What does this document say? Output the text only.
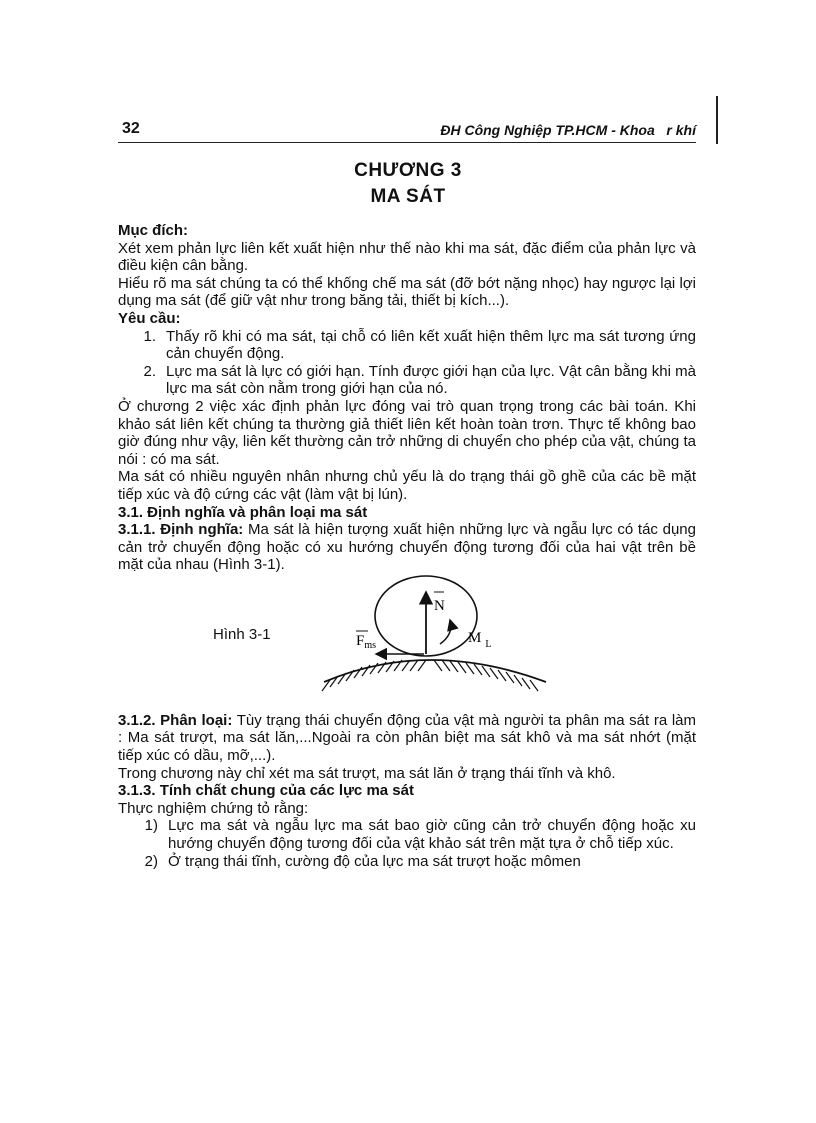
32	ĐH Công Nghiệp TP.HCM - Khoa   r khí
CHƯƠNG 3
MA SÁT

Mục đích:

Xét xem phản lực liên kết xuất hiện như thế nào khi ma sát, đặc điểm của phản lực và điều kiện cân bằng.

Hiểu rõ ma sát chúng ta có thể khống chế ma sát (đỡ bớt nặng nhọc) hay ngược lại lợi dụng ma sát (để giữ vật như trong băng tải, thiết bị kích...).

Yêu cầu:

1. Thấy rõ khi có ma sát, tại chỗ có liên kết xuất hiện thêm lực ma sát tương ứng cản chuyển động.
2. Lực ma sát là lực có giới hạn. Tính được giới hạn của lực. Vật cân bằng khi mà lực ma sát còn nằm trong giới hạn của nó.

Ở chương 2 việc xác định phản lực đóng vai trò quan trọng trong các bài toán. Khi khảo sát liên kết chúng ta thường giả thiết liên kết hoàn toàn trơn. Thực tế không bao giờ đúng như vậy, liên kết thường cản trở những di chuyển cho phép của vật, chúng ta nói : có ma sát.

Ma sát có nhiều nguyên nhân nhưng chủ yếu là do trạng thái gồ ghề của các bề mặt tiếp xúc và độ cứng các vật (làm vật bị lún).

3.1. Định nghĩa và phân loại ma sát

3.1.1. Định nghĩa: Ma sát là hiện tượng xuất hiện những lực và ngẫu lực có tác dụng cản trở chuyển động hoặc có xu hướng chuyển động tương đối của hai vật trên bề mặt của nhau (Hình 3-1).

Hình 3-1
N
$F_{ms}$	M $_L$

3.1.2. Phân loại: Tùy trạng thái chuyển động của vật mà người ta phân ma sát ra làm : Ma sát trượt, ma sát lăn,...Ngoài ra còn phân biệt ma sát khô và ma sát nhớt (mặt tiếp xúc có dầu, mỡ,...).

Trong chương này chỉ xét ma sát trượt, ma sát lăn ở trạng thái tĩnh và khô.

3.1.3. Tính chất chung của các lực ma sát

Thực nghiệm chứng tỏ rằng:

1) Lực ma sát và ngẫu lực ma sát bao giờ cũng cản trở chuyển động hoặc xu hướng chuyển động tương đối của vật khảo sát trên mặt tựa ở chỗ tiếp xúc.
2) Ở trạng thái tĩnh, cường độ của lực ma sát trượt hoặc mômen
